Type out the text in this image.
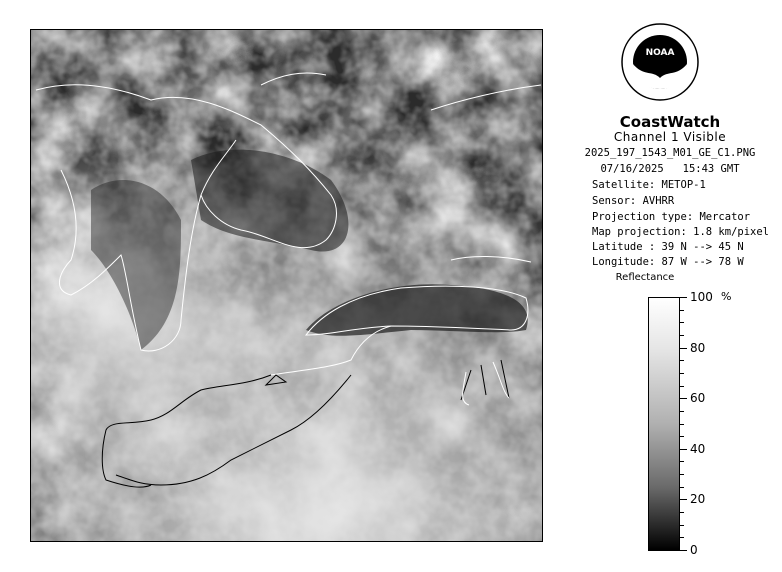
NOAA
CoastWatch
Channel 1 Visible
2025_197_1543_M01_GE_C1.PNG
07/16/2025   15:43 GMT
Satellite: METOP-1
Sensor: AVHRR
Projection type: Mercator
Map projection: 1.8 km/pixel
Latitude : 39 N --> 45 N
Longitude: 87 W --> 78 W
Reflectance
%
100
80
60
40
20
0
